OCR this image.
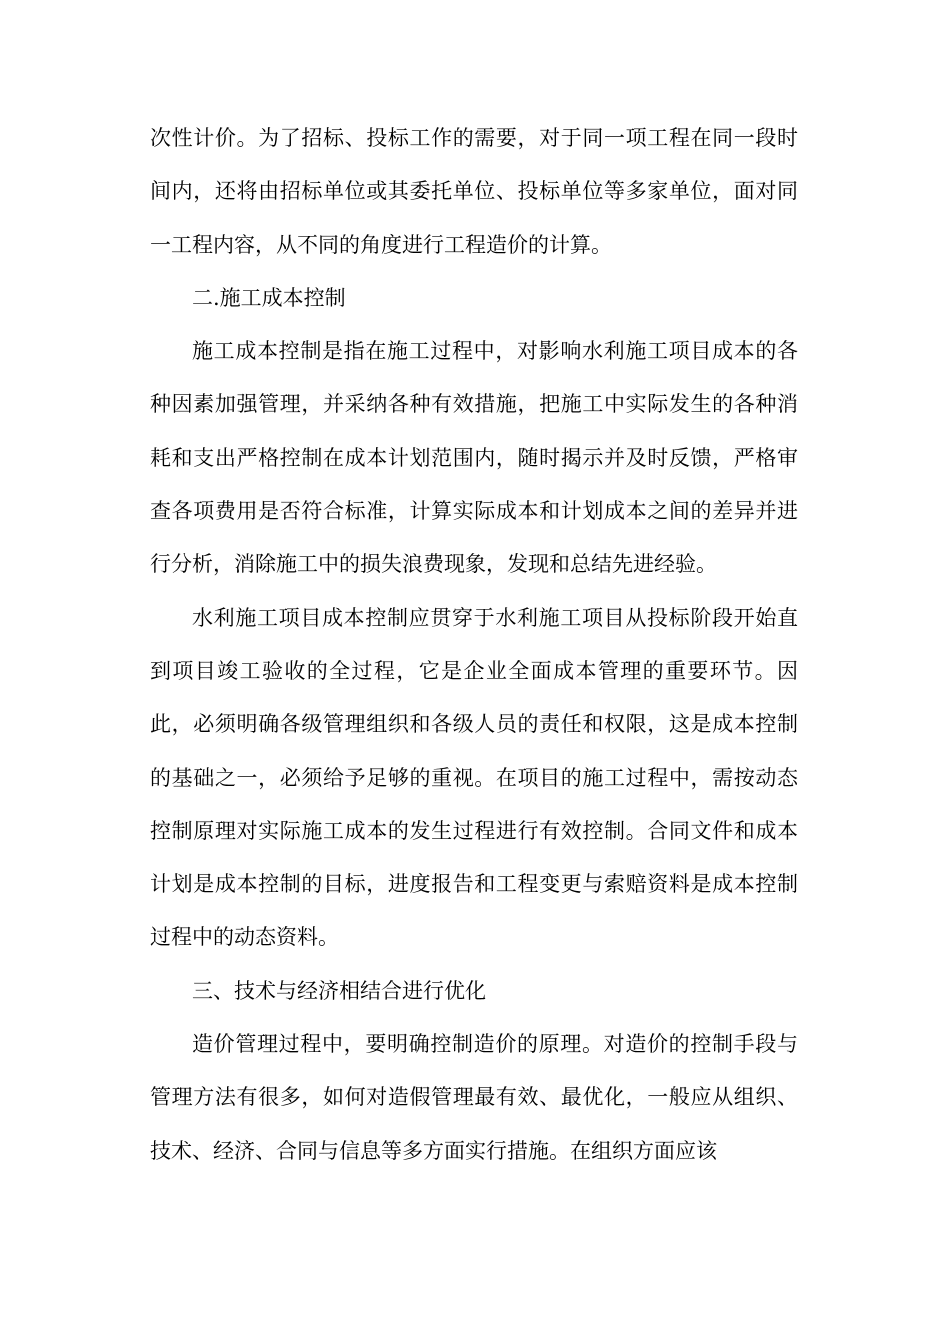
次性计价。为了招标、投标工作的需要，对于同一项工程在同一段时间内，还将由招标单位或其委托单位、投标单位等多家单位，面对同一工程内容，从不同的角度进行工程造价的计算。

二.施工成本控制

施工成本控制是指在施工过程中，对影响水利施工项目成本的各种因素加强管理，并采纳各种有效措施，把施工中实际发生的各种消耗和支出严格控制在成本计划范围内，随时揭示并及时反馈，严格审查各项费用是否符合标准，计算实际成本和计划成本之间的差异并进行分析，消除施工中的损失浪费现象，发现和总结先进经验。

水利施工项目成本控制应贯穿于水利施工项目从投标阶段开始直到项目竣工验收的全过程，它是企业全面成本管理的重要环节。因此，必须明确各级管理组织和各级人员的责任和权限，这是成本控制的基础之一，必须给予足够的重视。在项目的施工过程中，需按动态控制原理对实际施工成本的发生过程进行有效控制。合同文件和成本计划是成本控制的目标，进度报告和工程变更与索赔资料是成本控制过程中的动态资料。

三、技术与经济相结合进行优化

造价管理过程中，要明确控制造价的原理。对造价的控制手段与管理方法有很多，如何对造假管理最有效、最优化，一般应从组织、技术、经济、合同与信息等多方面实行措施。在组织方面应该
